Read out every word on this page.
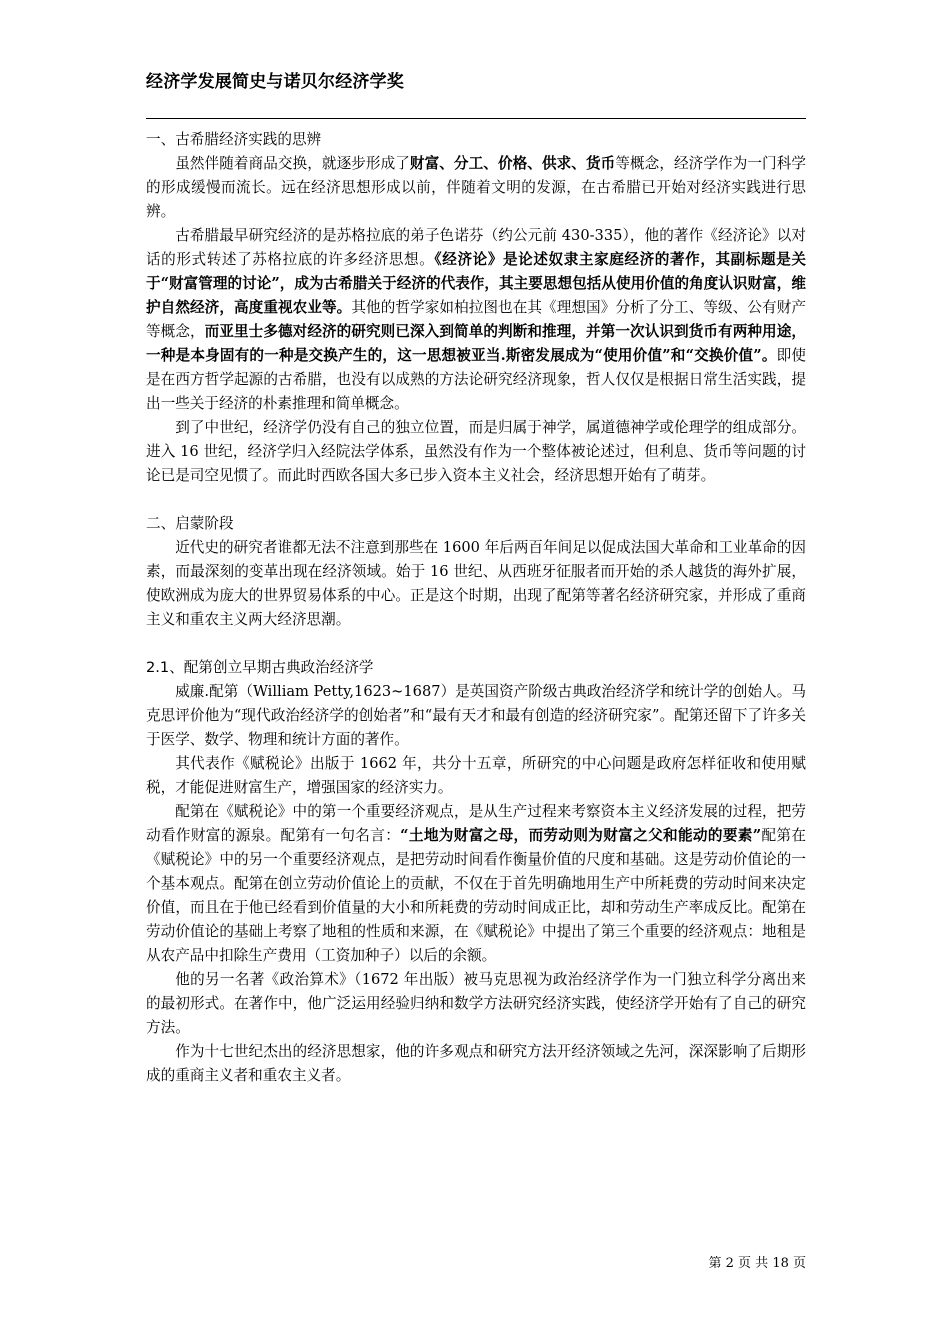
经济学发展简史与诺贝尔经济学奖

一、古希腊经济实践的思辨

虽然伴随着商品交换，就逐步形成了财富、分工、价格、供求、货币等概念，经济学作为一门科学的形成缓慢而流长。远在经济思想形成以前，伴随着文明的发源，在古希腊已开始对经济实践进行思辨。

古希腊最早研究经济的是苏格拉底的弟子色诺芬（约公元前 430-335），他的著作《经济论》以对话的形式转述了苏格拉底的许多经济思想。《经济论》是论述奴隶主家庭经济的著作，其副标题是关于“财富管理的讨论”，成为古希腊关于经济的代表作，其主要思想包括从使用价值的角度认识财富，维护自然经济，高度重视农业等。其他的哲学家如柏拉图也在其《理想国》分析了分工、等级、公有财产等概念，而亚里士多德对经济的研究则已深入到简单的判断和推理，并第一次认识到货币有两种用途，一种是本身固有的一种是交换产生的，这一思想被亚当.斯密发展成为“使用价值”和“交换价值”。即使是在西方哲学起源的古希腊，也没有以成熟的方法论研究经济现象，哲人仅仅是根据日常生活实践，提出一些关于经济的朴素推理和简单概念。

到了中世纪，经济学仍没有自己的独立位置，而是归属于神学，属道德神学或伦理学的组成部分。进入 16 世纪，经济学归入经院法学体系，虽然没有作为一个整体被论述过，但利息、货币等问题的讨论已是司空见惯了。而此时西欧各国大多已步入资本主义社会，经济思想开始有了萌芽。

二、启蒙阶段

近代史的研究者谁都无法不注意到那些在 1600 年后两百年间足以促成法国大革命和工业革命的因素，而最深刻的变革出现在经济领域。始于 16 世纪、从西班牙征服者而开始的杀人越货的海外扩展，使欧洲成为庞大的世界贸易体系的中心。正是这个时期，出现了配第等著名经济研究家，并形成了重商主义和重农主义两大经济思潮。

2.1、配第创立早期古典政治经济学

威廉.配第（William Petty,1623~1687）是英国资产阶级古典政治经济学和统计学的创始人。马克思评价他为“现代政治经济学的创始者”和“最有天才和最有创造的经济研究家”。配第还留下了许多关于医学、数学、物理和统计方面的著作。

其代表作《赋税论》出版于 1662 年，共分十五章，所研究的中心问题是政府怎样征收和使用赋税，才能促进财富生产，增强国家的经济实力。

配第在《赋税论》中的第一个重要经济观点，是从生产过程来考察资本主义经济发展的过程，把劳动看作财富的源泉。配第有一句名言：“土地为财富之母，而劳动则为财富之父和能动的要素”配第在《赋税论》中的另一个重要经济观点，是把劳动时间看作衡量价值的尺度和基础。这是劳动价值论的一个基本观点。配第在创立劳动价值论上的贡献，不仅在于首先明确地用生产中所耗费的劳动时间来决定价值，而且在于他已经看到价值量的大小和所耗费的劳动时间成正比，却和劳动生产率成反比。配第在劳动价值论的基础上考察了地租的性质和来源，在《赋税论》中提出了第三个重要的经济观点：地租是从农产品中扣除生产费用（工资加种子）以后的余额。

他的另一名著《政治算术》（1672 年出版）被马克思视为政治经济学作为一门独立科学分离出来的最初形式。在著作中，他广泛运用经验归纳和数学方法研究经济实践，使经济学开始有了自己的研究方法。

作为十七世纪杰出的经济思想家，他的许多观点和研究方法开经济领域之先河，深深影响了后期形成的重商主义者和重农主义者。

第 2 页 共 18 页
